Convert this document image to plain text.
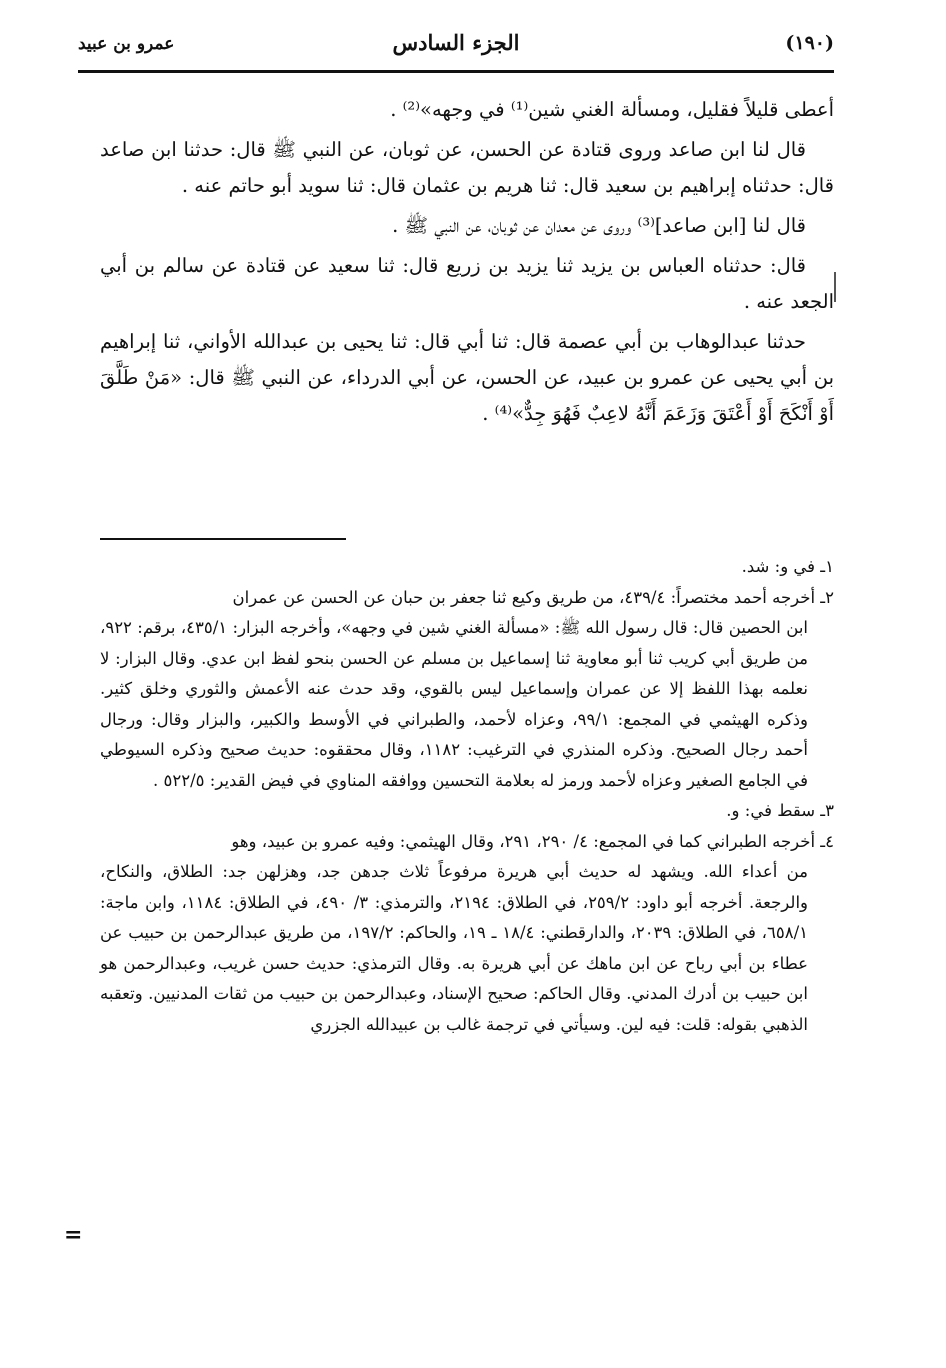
(١٩٠)
الجزء السادس
عمرو بن عبيد

أعطى قليلاً فقليل، ومسألة الغني شين⁽¹⁾ في وجهه»⁽²⁾ .

قال لنا ابن صاعد وروى قتادة عن الحسن، عن ثوبان، عن النبي ﷺ قال: حدثنا ابن صاعد قال: حدثناه إبراهيم بن سعيد قال: ثنا هريم بن عثمان قال: ثنا سويد أبو حاتم عنه .

قال لنا [ابن صاعد]⁽³⁾ وروى عن معدان عن ثوبان، عن النبي ﷺ .

قال: حدثناه العباس بن يزيد ثنا يزيد بن زريع قال: ثنا سعيد عن قتادة عن سالم بن أبي الجعد عنه .

حدثنا عبدالوهاب بن أبي عصمة قال: ثنا أبي قال: ثنا يحيى بن عبدالله الأواني، ثنا إبراهيم بن أبي يحيى عن عمرو بن عبيد، عن الحسن، عن أبي الدرداء، عن النبي ﷺ قال: «مَنْ طَلَّقَ أَوْ أَنْكَحَ أَوْ أَعْتَقَ وَزَعَمَ أَنَّهُ لاعِبٌ فَهُوَ جِدٌّ»⁽⁴⁾ .

١ـ في و: شد.

٢ـ أخرجه أحمد مختصراً: ٤٣٩/٤، من طريق وكيع ثنا جعفر بن حبان عن الحسن عن عمران

ابن الحصين قال: قال رسول الله ﷺ: «مسألة الغني شين في وجهه»، وأخرجه البزار: ٤٣٥/١، برقم: ٩٢٢، من طريق أبي كريب ثنا أبو معاوية ثنا إسماعيل بن مسلم عن الحسن بنحو لفظ ابن عدي. وقال البزار: لا نعلمه بهذا اللفظ إلا عن عمران وإسماعيل ليس بالقوي، وقد حدث عنه الأعمش والثوري وخلق كثير. وذكره الهيثمي في المجمع: ٩٩/١، وعزاه لأحمد، والطبراني في الأوسط والكبير، والبزار وقال: ورجال أحمد رجال الصحيح. وذكره المنذري في الترغيب: ١١٨٢، وقال محققوه: حديث صحيح وذكره السيوطي في الجامع الصغير وعزاه لأحمد ورمز له بعلامة التحسين ووافقه المناوي في فيض القدير: ٥٢٢/٥ .

٣ـ سقط في: و.

٤ـ أخرجه الطبراني كما في المجمع: ٤/ ٢٩٠، ٢٩١، وقال الهيثمي: وفيه عمرو بن عبيد، وهو

من أعداء الله. ويشهد له حديث أبي هريرة مرفوعاً ثلاث جدهن جد، وهزلهن جد: الطلاق، والنكاح، والرجعة. أخرجه أبو داود: ٢٥٩/٢، في الطلاق: ٢١٩٤، والترمذي: ٣/ ٤٩٠، في الطلاق: ١١٨٤، وابن ماجة: ٦٥٨/١، في الطلاق: ٢٠٣٩، والدارقطني: ١٨/٤ ـ ١٩، والحاكم: ١٩٧/٢، من طريق عبدالرحمن بن حبيب عن عطاء بن أبي رباح عن ابن ماهك عن أبي هريرة به. وقال الترمذي: حديث حسن غريب، وعبدالرحمن هو ابن حبيب بن أدرك المدني. وقال الحاكم: صحيح الإسناد، وعبدالرحمن بن حبيب من ثقات المدنيين. وتعقبه الذهبي بقوله: قلت: فيه لين. وسيأتي في ترجمة غالب بن عبيدالله الجزري

=
